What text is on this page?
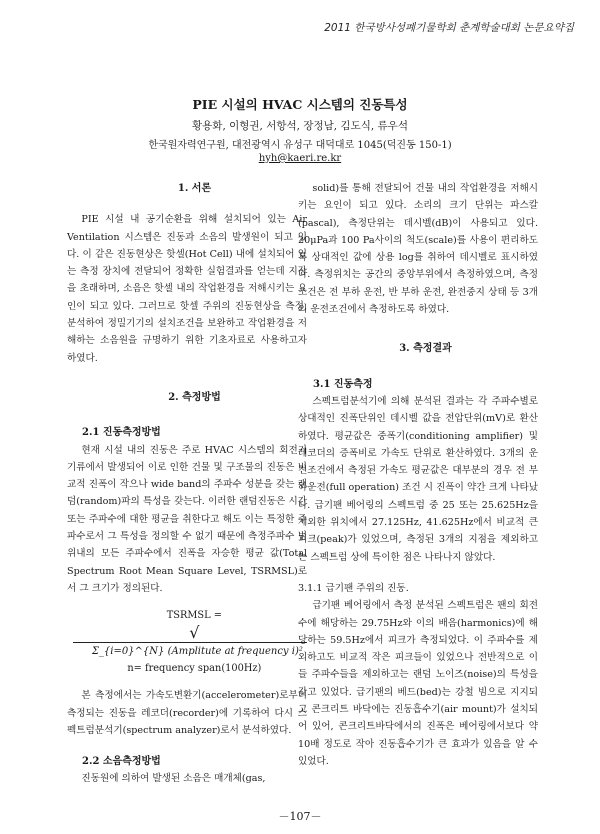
2011 한국방사성폐기물학회 춘계학술대회 논문요약집
PIE 시설의 HVAC 시스템의 진동특성
황용화, 이형권, 서항석, 장정남, 김도식, 류우석
한국원자력연구원, 대전광역시 유성구 대덕대로 1045(덕진동 150-1)
hyh@kaeri.re.kr

1. 서론

PIE 시설 내 공기순환을 위해 설치되어 있는 Air Ventilation 시스템은 진동과 소음의 발생원이 되고 있다. 이 같은 진동현상은 핫셀(Hot Cell) 내에 설치되어 있는 측정 장치에 전달되어 정확한 실험결과를 얻는데 지장을 초래하며, 소음은 핫셀 내의 작업환경을 저해시키는 요인이 되고 있다. 그러므로 핫셀 주위의 진동현상을 측정, 분석하여 정밀기기의 설치조건을 보완하고 작업환경을 저해하는 소음원을 규명하기 위한 기초자료로 사용하고자 하였다.

2. 측정방법

2.1 진동측정방법

현재 시설 내의 진동은 주로 HVAC 시스템의 회전기기류에서 발생되어 이로 인한 건물 및 구조물의 진동은 비교적 진폭이 작으나 wide band의 주파수 성분을 갖는 랜덤(random)파의 특성을 갖는다. 이러한 랜덤진동은 시간 또는 주파수에 대한 평균을 취한다고 해도 이는 특정한 주파수로서 그 특성을 정의할 수 없기 때문에 측정주파수 범위내의 모든 주파수에서 진폭을 자승한 평균 값(Total Spectrum Root Mean Square Level, TSRMSL)로서 그 크기가 정의된다.

TSRMSL =

√Σ_{i=0}^{N} (Amplitute at frequency i)²

n= frequency span(100Hz)

본 측정에서는 가속도변환기(accelerometer)로부터 측정되는 진동을 레코더(recorder)에 기록하여 다시 스펙트럼분석기(spectrum analyzer)로서 분석하였다.

2.2 소음측정방법

진동원에 의하여 발생된 소음은 매개체(gas,

solid)를 통해 전달되어 건물 내의 작업환경을 저해시키는 요인이 되고 있다. 소리의 크기 단위는 파스칼(pascal), 측정단위는 데시벨(dB)이 사용되고 있다. 20μPa과 100 Pa사이의 척도(scale)를 사용이 편리하도록 상대적인 값에 상용 log를 취하여 데시벨로 표시하였다. 측정위치는 공간의 중앙부위에서 측정하였으며, 측정조건은 전 부하 운전, 반 부하 운전, 완전중지 상태 등 3개의 운전조건에서 측정하도록 하였다.

3. 측정결과

3.1 진동측정

스펙트럼분석기에 의해 분석된 결과는 각 주파수별로 상대적인 진폭단위인 데시벨 값을 전압단위(mV)로 환산하였다. 평균값은 중폭기(conditioning amplifier) 및 레코더의 증폭비로 가속도 단위로 환산하였다. 3개의 운전조건에서 측정된 가속도 평균값은 대부분의 경우 전 부하운전(full operation) 조건 시 진폭이 약간 크게 나타났다. 급기팬 베어링의 스펙트럼 중 25 또는 25.625Hz을 제외한 위치에서 27.125Hz, 41.625Hz에서 비교적 큰 피크(peak)가 있었으며, 측정된 3개의 지점을 제외하고는 스펙트럼 상에 특이한 점은 나타나지 않았다.

3.1.1 급기팬 주위의 진동.

급기팬 베어링에서 측정 분석된 스펙트럼은 팬의 회전수에 해당하는 29.75Hz와 이의 배음(harmonics)에 해당하는 59.5Hz에서 피크가 측정되었다. 이 주파수를 제외하고도 비교적 작은 피크들이 있었으나 전반적으로 이들 주파수들을 제외하고는 랜덤 노이즈(noise)의 특성을 갖고 있었다. 급기팬의 베드(bed)는 강철 빔으로 지지되고 콘크리트 바닥에는 진동흡수기(air mount)가 설치되어 있어, 콘크리트바닥에서의 진폭은 베어링에서보다 약 10배 정도로 작아 진동흡수기가 큰 효과가 있음을 알 수 있었다.

－107－
